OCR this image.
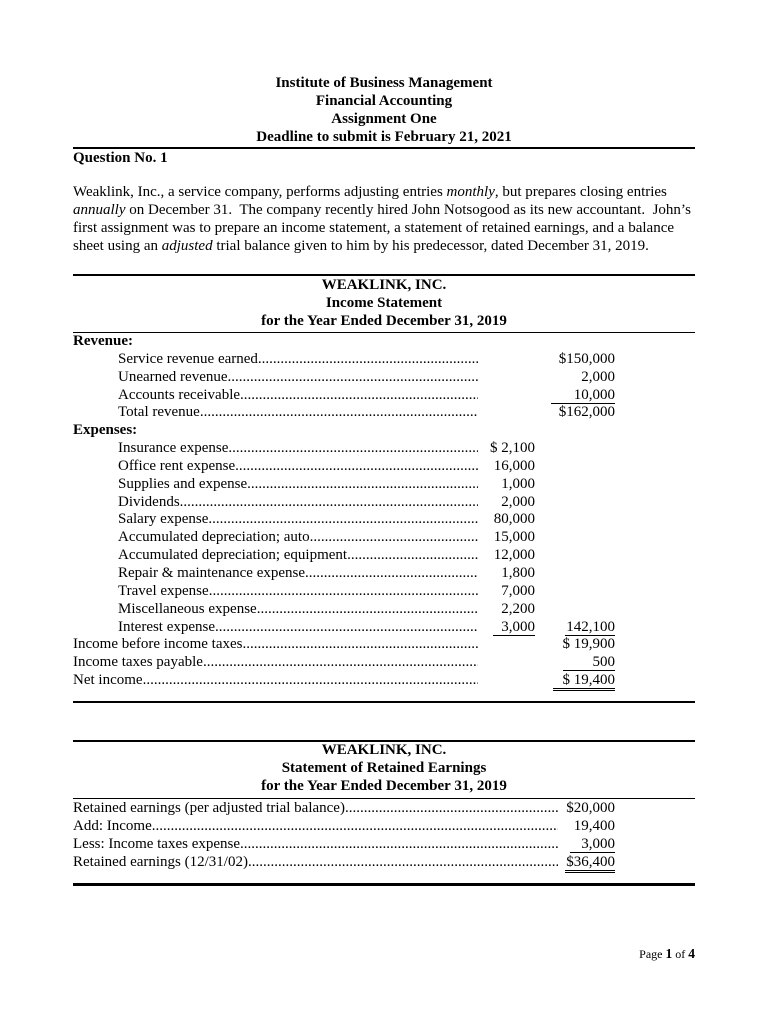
Institute of Business Management
Financial Accounting
Assignment One
Deadline to submit is February 21, 2021
Question No. 1
Weaklink, Inc., a service company, performs adjusting entries monthly, but prepares closing entries
annually on December 31.  The company recently hired John Notsogood as its new accountant.  John’s
first assignment was to prepare an income statement, a statement of retained earnings, and a balance
sheet using an adjusted trial balance given to him by his predecessor, dated December 31, 2019.
WEAKLINK, INC.
Income Statement
for the Year Ended December 31, 2019
Revenue:
Service revenue earned .....	$150,000
Unearned revenue .....	2,000
Accounts receivable .....	10,000
Total revenue .....	$162,000
Expenses:
Insurance expense .....	$ 2,100
Office rent expense .....	16,000
Supplies and expense .....	1,000
Dividends .....	2,000
Salary expense .....	80,000
Accumulated depreciation; auto .....	15,000
Accumulated depreciation; equipment .....	12,000
Repair & maintenance expense .....	1,800
Travel expense .....	7,000
Miscellaneous expense .....	2,200
Interest expense .....	3,000	142,100
Income before income taxes .....	$ 19,900
Income taxes payable .....	500
Net income .....	$ 19,400
WEAKLINK, INC.
Statement of Retained Earnings
for the Year Ended December 31, 2019
Retained earnings (per adjusted trial balance) .....	$20,000
Add: Income .....	19,400
Less: Income taxes expense .....	3,000
Retained earnings (12/31/02) .....	$36,400
Page 1 of 4
